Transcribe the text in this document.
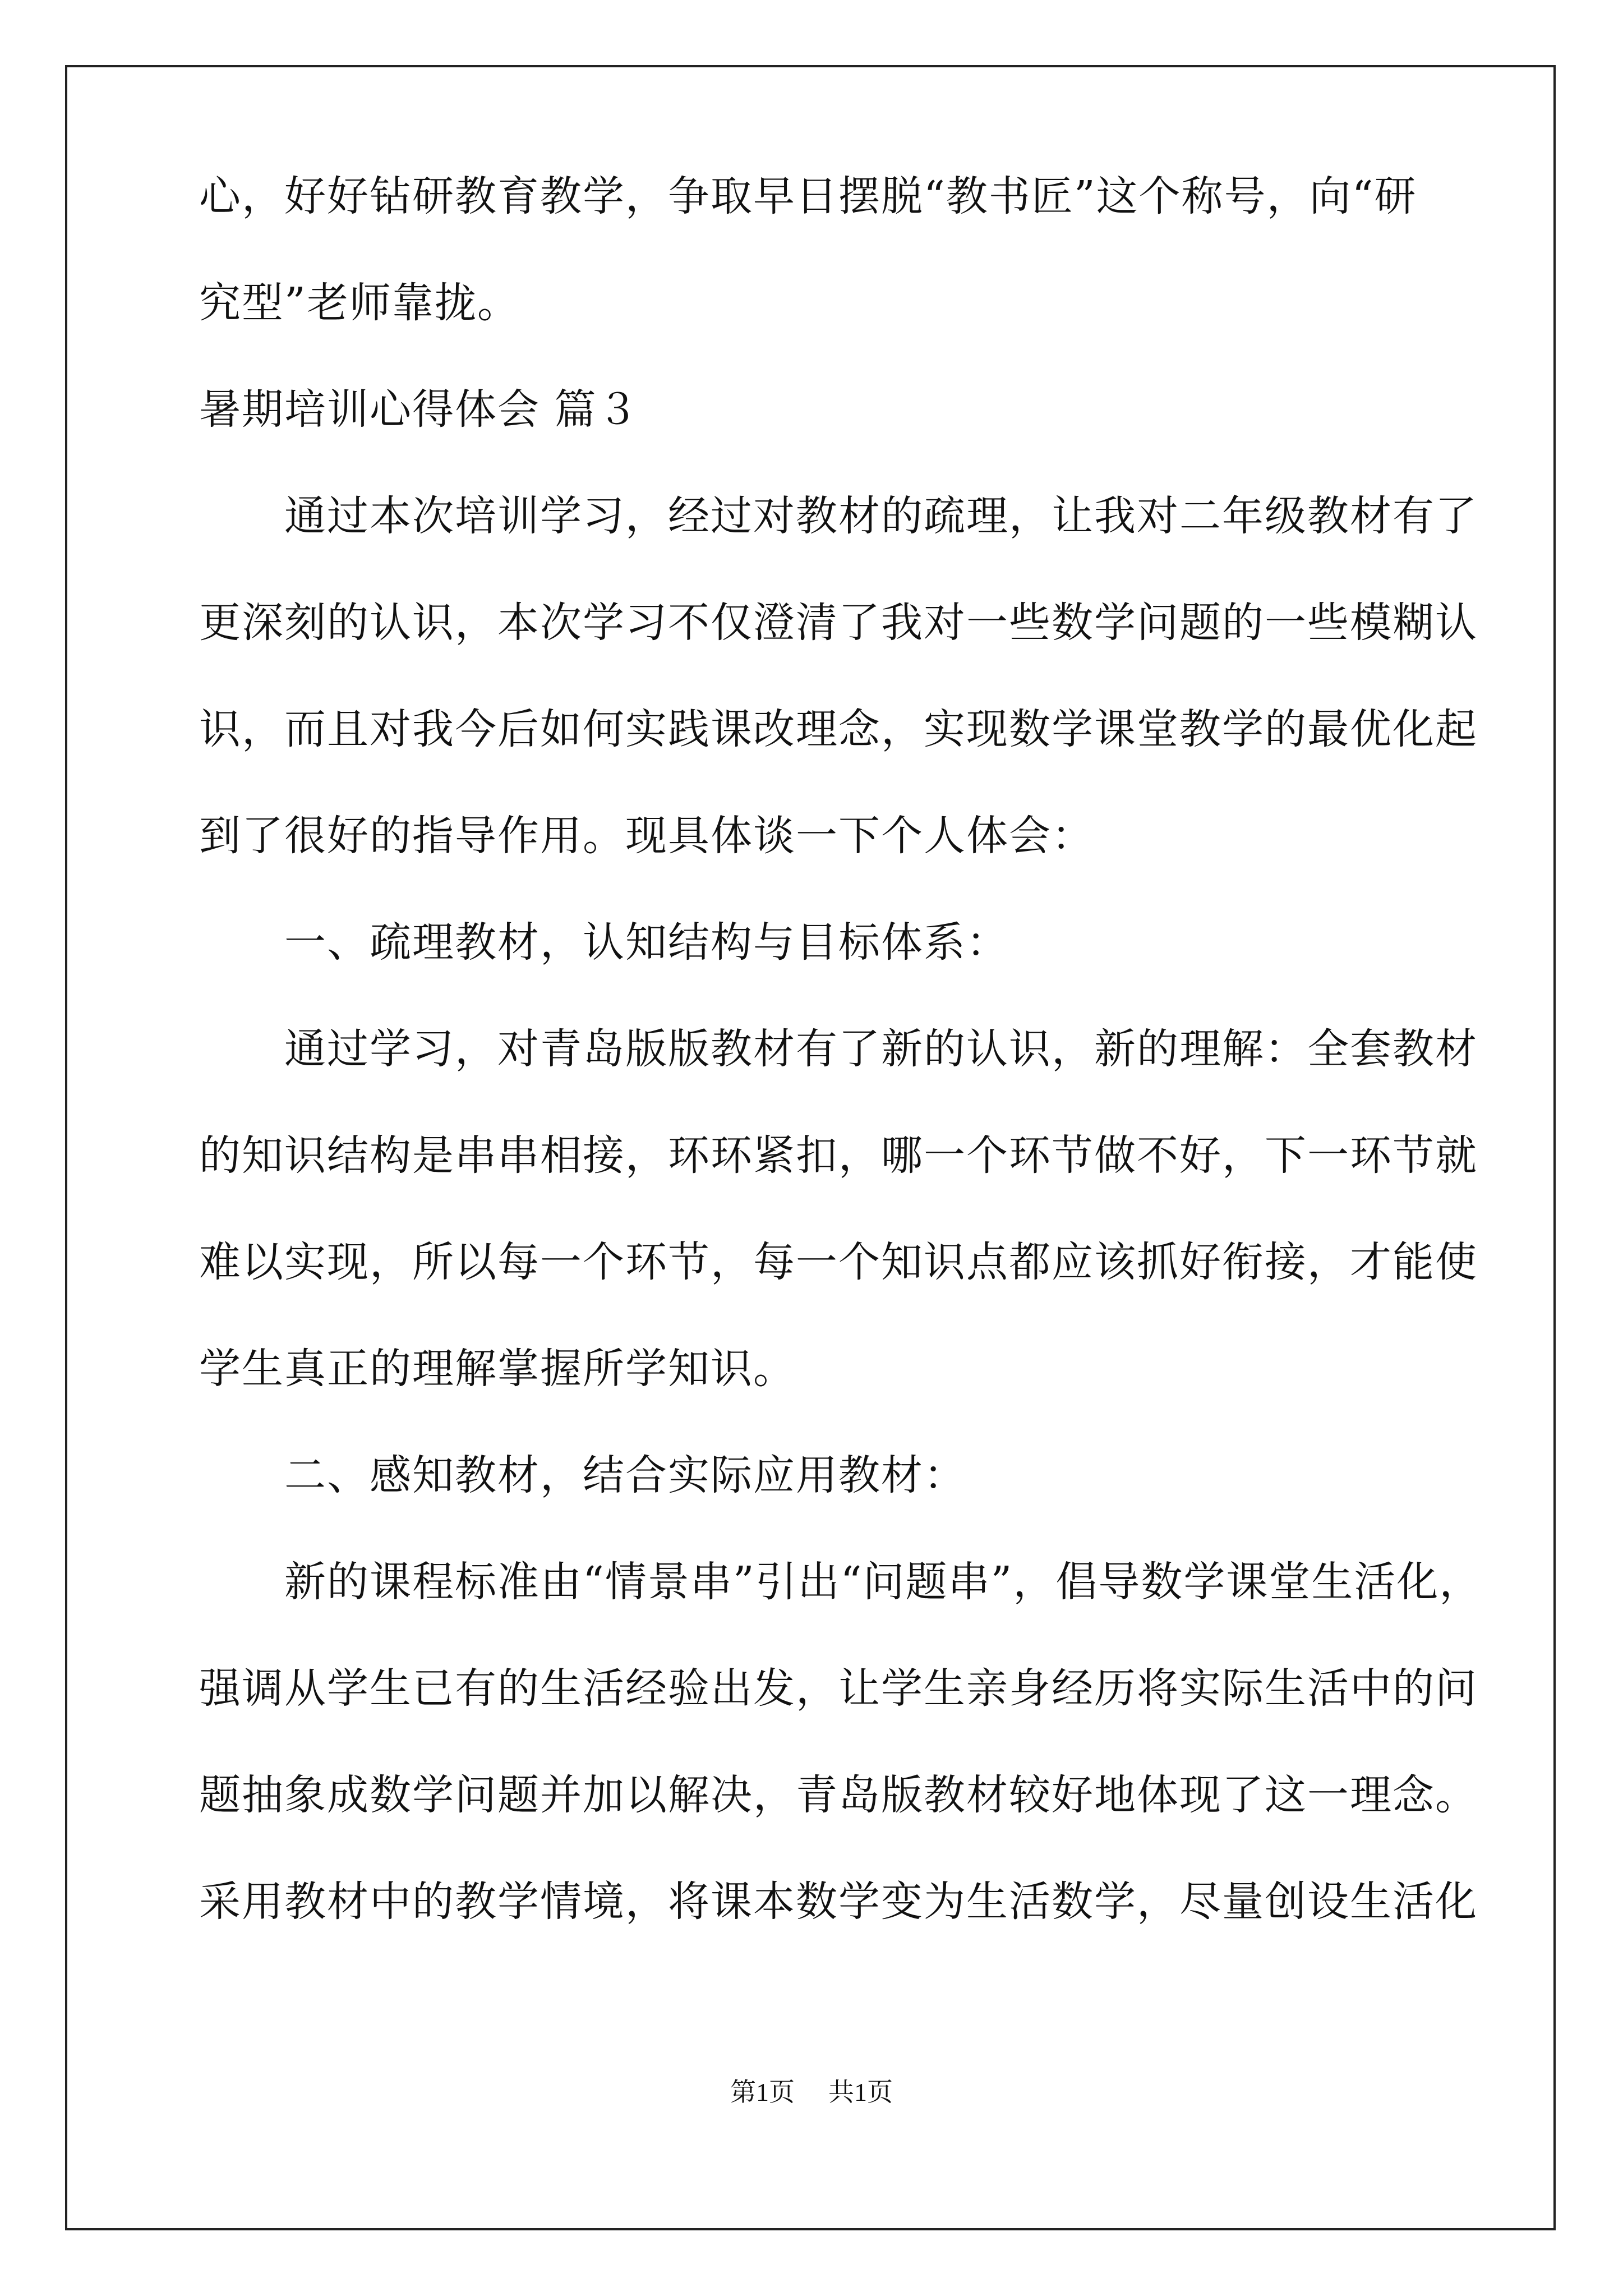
心，好好钻研教育教学，争取早日摆脱“教书匠”这个称号，向“研
究型”老师靠拢。
暑期培训心得体会 篇３
　　通过本次培训学习，经过对教材的疏理，让我对二年级教材有了
更深刻的认识，本次学习不仅澄清了我对一些数学问题的一些模糊认
识，而且对我今后如何实践课改理念，实现数学课堂教学的最优化起
到了很好的指导作用。现具体谈一下个人体会：
　　一、疏理教材，认知结构与目标体系：
　　通过学习，对青岛版版教材有了新的认识，新的理解：全套教材
的知识结构是串串相接，环环紧扣，哪一个环节做不好，下一环节就
难以实现，所以每一个环节，每一个知识点都应该抓好衔接，才能使
学生真正的理解掌握所学知识。
　　二、感知教材，结合实际应用教材：
　　新的课程标准由“情景串”引出“问题串”，倡导数学课堂生活化，
强调从学生已有的生活经验出发，让学生亲身经历将实际生活中的问
题抽象成数学问题并加以解决，青岛版教材较好地体现了这一理念。
采用教材中的教学情境，将课本数学变为生活数学，尽量创设生活化
第1页 共1页
